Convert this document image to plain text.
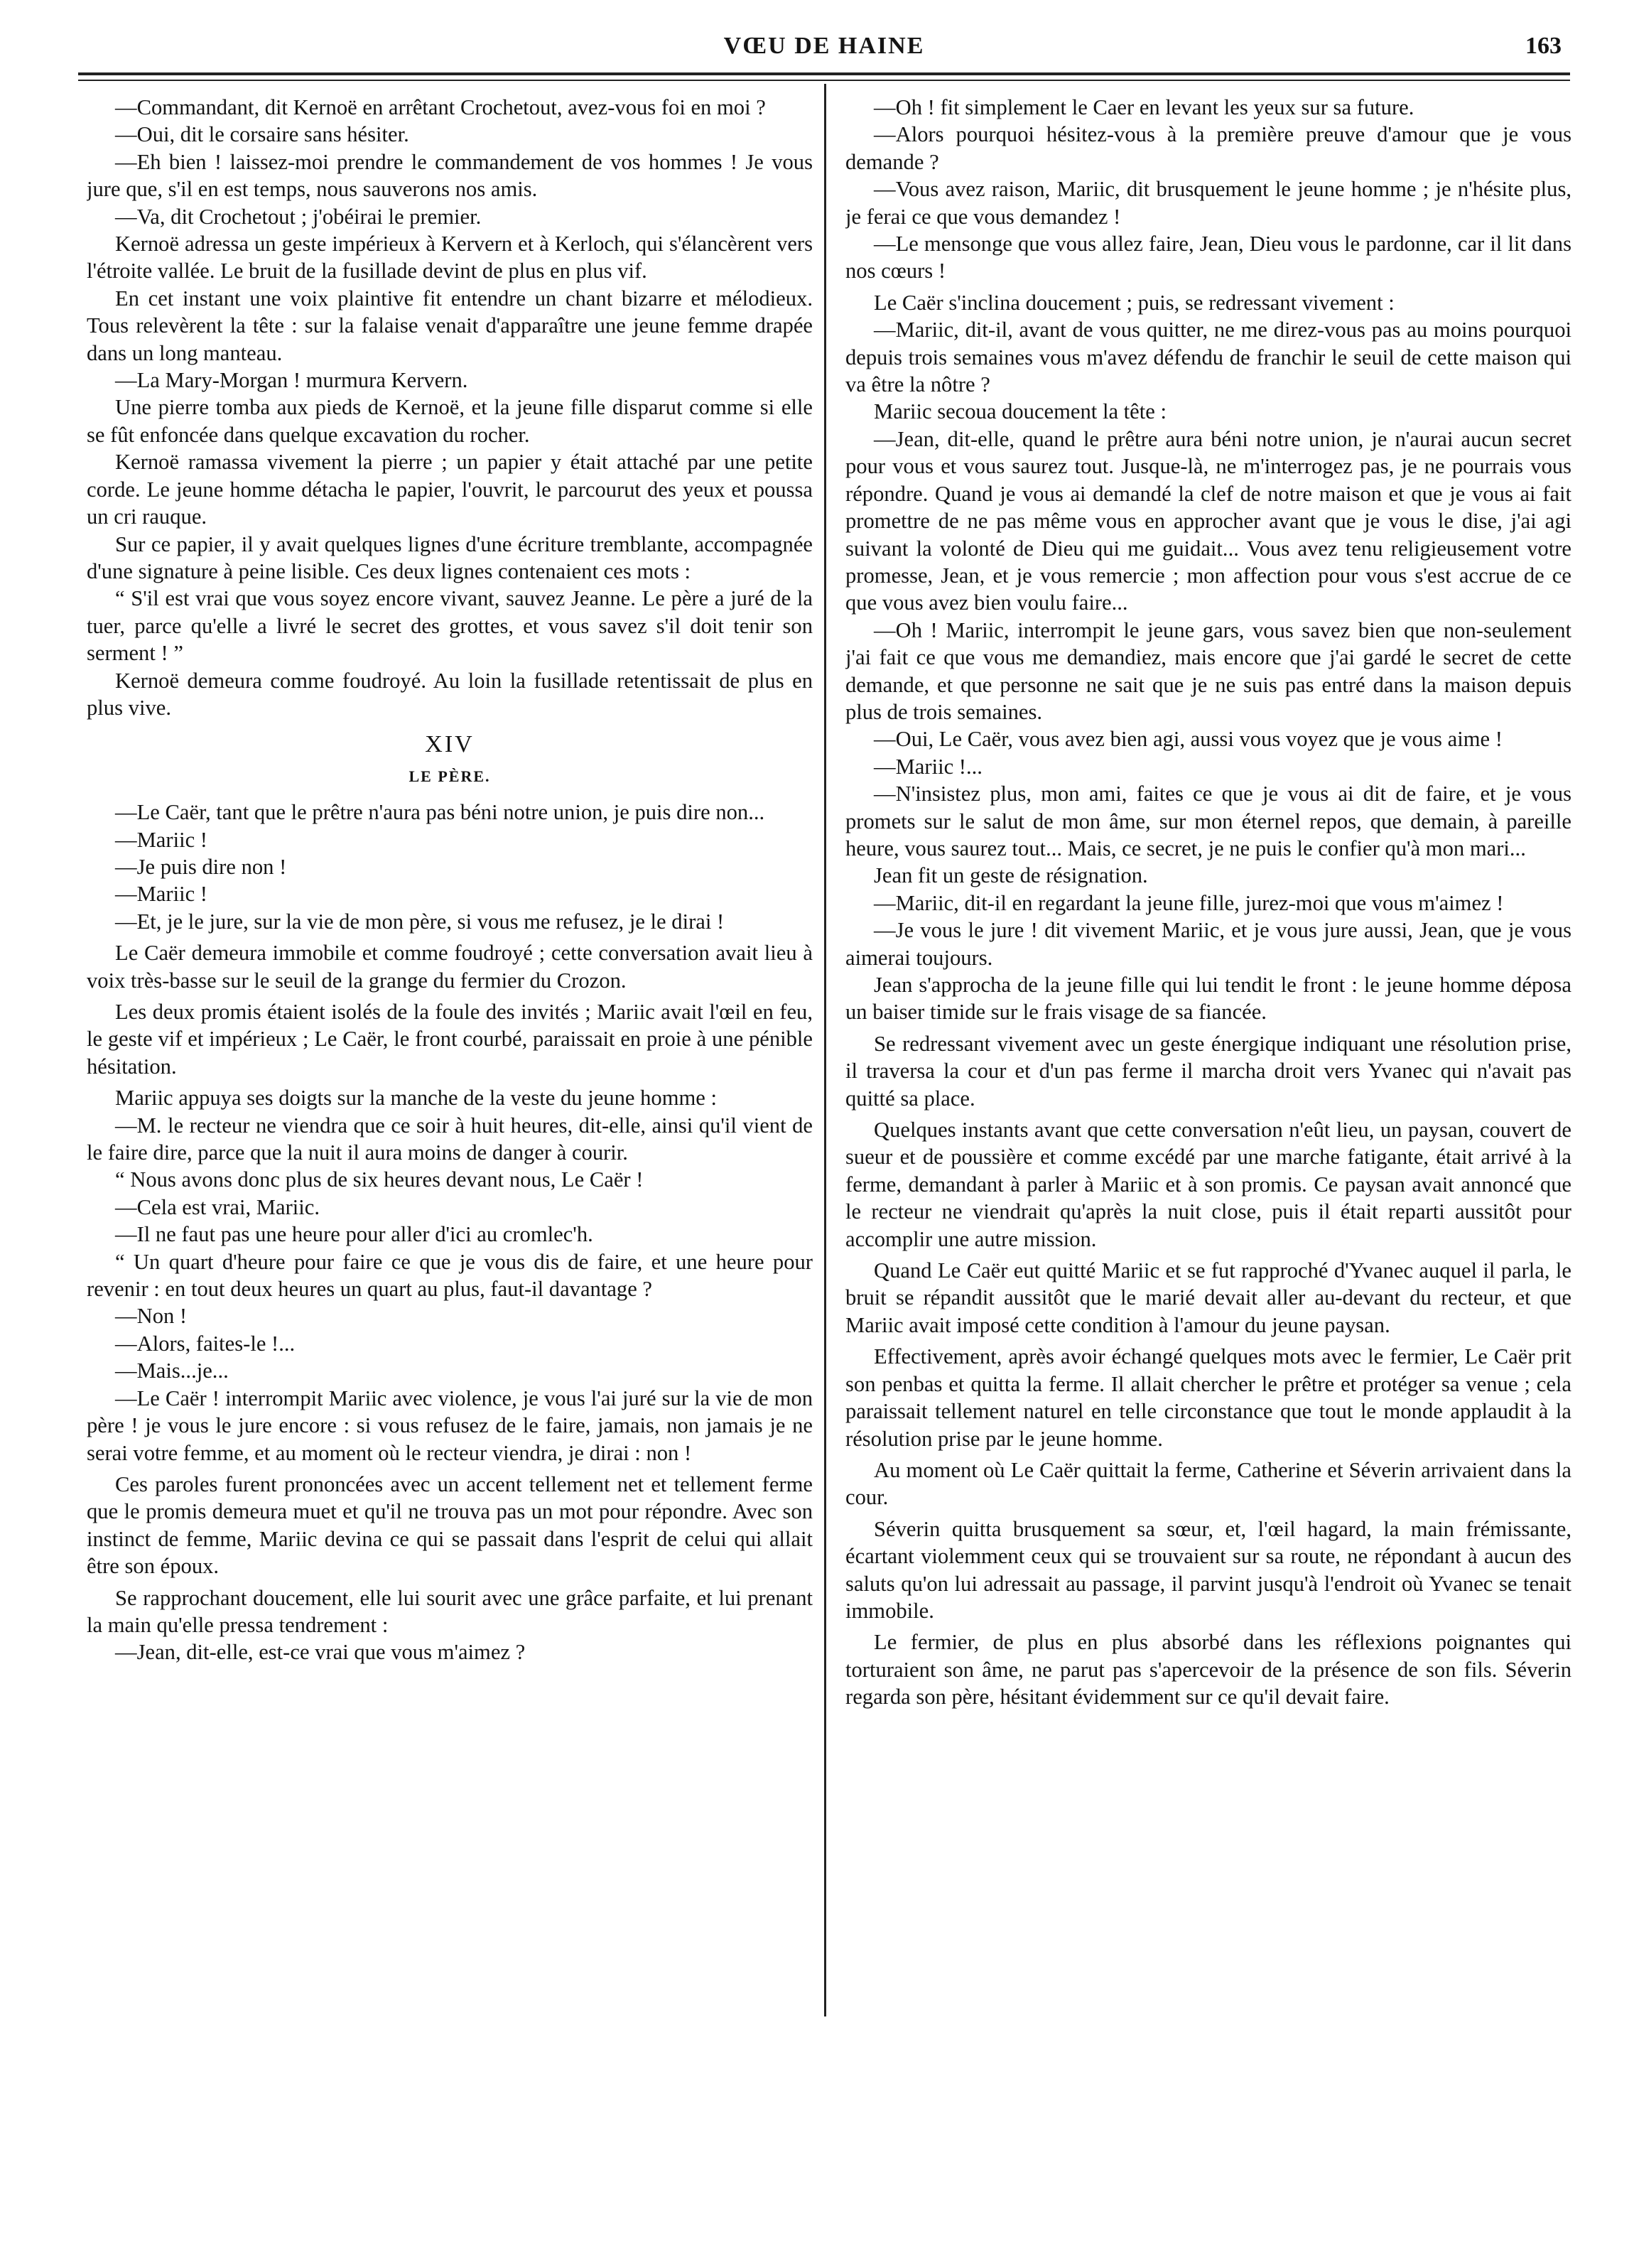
VŒU DE HAINE	163

—Commandant, dit Kernoë en arrêtant Crochetout, avez-vous foi en moi ?

—Oui, dit le corsaire sans hésiter.

—Eh bien ! laissez-moi prendre le commandement de vos hommes ! Je vous jure que, s'il en est temps, nous sauverons nos amis.

—Va, dit Crochetout ; j'obéirai le premier.

Kernoë adressa un geste impérieux à Kervern et à Kerloch, qui s'élancèrent vers l'étroite vallée. Le bruit de la fusillade devint de plus en plus vif.

En cet instant une voix plaintive fit entendre un chant bizarre et mélodieux. Tous relevèrent la tête : sur la falaise venait d'apparaître une jeune femme drapée dans un long manteau.

—La Mary-Morgan ! murmura Kervern.

Une pierre tomba aux pieds de Kernoë, et la jeune fille disparut comme si elle se fût enfoncée dans quelque excavation du rocher.

Kernoë ramassa vivement la pierre ; un papier y était attaché par une petite corde. Le jeune homme détacha le papier, l'ouvrit, le parcourut des yeux et poussa un cri rauque.

Sur ce papier, il y avait quelques lignes d'une écriture tremblante, accompagnée d'une signature à peine lisible. Ces deux lignes contenaient ces mots :

“ S'il est vrai que vous soyez encore vivant, sauvez Jeanne. Le père a juré de la tuer, parce qu'elle a livré le secret des grottes, et vous savez s'il doit tenir son serment ! ”

Kernoë demeura comme foudroyé. Au loin la fusillade retentissait de plus en plus vive.

XIV
LE PÈRE.

—Le Caër, tant que le prêtre n'aura pas béni notre union, je puis dire non...

—Mariic !

—Je puis dire non !

—Mariic !

—Et, je le jure, sur la vie de mon père, si vous me refusez, je le dirai !

Le Caër demeura immobile et comme foudroyé ; cette conversation avait lieu à voix très-basse sur le seuil de la grange du fermier du Crozon.

Les deux promis étaient isolés de la foule des invités ; Mariic avait l'œil en feu, le geste vif et impérieux ; Le Caër, le front courbé, paraissait en proie à une pénible hésitation.

Mariic appuya ses doigts sur la manche de la veste du jeune homme :

—M. le recteur ne viendra que ce soir à huit heures, dit-elle, ainsi qu'il vient de le faire dire, parce que la nuit il aura moins de danger à courir.

“ Nous avons donc plus de six heures devant nous, Le Caër !

—Cela est vrai, Mariic.

—Il ne faut pas une heure pour aller d'ici au cromlec'h.

“ Un quart d'heure pour faire ce que je vous dis de faire, et une heure pour revenir : en tout deux heures un quart au plus, faut-il davantage ?

—Non !

—Alors, faites-le !...

—Mais...je...

—Le Caër ! interrompit Mariic avec violence, je vous l'ai juré sur la vie de mon père ! je vous le jure encore : si vous refusez de le faire, jamais, non jamais je ne serai votre femme, et au moment où le recteur viendra, je dirai : non !

Ces paroles furent prononcées avec un accent tellement net et tellement ferme que le promis demeura muet et qu'il ne trouva pas un mot pour répondre. Avec son instinct de femme, Mariic devina ce qui se passait dans l'esprit de celui qui allait être son époux.

Se rapprochant doucement, elle lui sourit avec une grâce parfaite, et lui prenant la main qu'elle pressa tendrement :

—Jean, dit-elle, est-ce vrai que vous m'aimez ?

—Oh ! fit simplement le Caer en levant les yeux sur sa future.

—Alors pourquoi hésitez-vous à la première preuve d'amour que je vous demande ?

—Vous avez raison, Mariic, dit brusquement le jeune homme ; je n'hésite plus, je ferai ce que vous demandez !

—Le mensonge que vous allez faire, Jean, Dieu vous le pardonne, car il lit dans nos cœurs !

Le Caër s'inclina doucement ; puis, se redressant vivement :

—Mariic, dit-il, avant de vous quitter, ne me direz-vous pas au moins pourquoi depuis trois semaines vous m'avez défendu de franchir le seuil de cette maison qui va être la nôtre ?

Mariic secoua doucement la tête :

—Jean, dit-elle, quand le prêtre aura béni notre union, je n'aurai aucun secret pour vous et vous saurez tout. Jusque-là, ne m'interrogez pas, je ne pourrais vous répondre. Quand je vous ai demandé la clef de notre maison et que je vous ai fait promettre de ne pas même vous en approcher avant que je vous le dise, j'ai agi suivant la volonté de Dieu qui me guidait... Vous avez tenu religieusement votre promesse, Jean, et je vous remercie ; mon affection pour vous s'est accrue de ce que vous avez bien voulu faire...

—Oh ! Mariic, interrompit le jeune gars, vous savez bien que non-seulement j'ai fait ce que vous me demandiez, mais encore que j'ai gardé le secret de cette demande, et que personne ne sait que je ne suis pas entré dans la maison depuis plus de trois semaines.

—Oui, Le Caër, vous avez bien agi, aussi vous voyez que je vous aime !

—Mariic !...

—N'insistez plus, mon ami, faites ce que je vous ai dit de faire, et je vous promets sur le salut de mon âme, sur mon éternel repos, que demain, à pareille heure, vous saurez tout... Mais, ce secret, je ne puis le confier qu'à mon mari...

Jean fit un geste de résignation.

—Mariic, dit-il en regardant la jeune fille, jurez-moi que vous m'aimez !

—Je vous le jure ! dit vivement Mariic, et je vous jure aussi, Jean, que je vous aimerai toujours.

Jean s'approcha de la jeune fille qui lui tendit le front : le jeune homme déposa un baiser timide sur le frais visage de sa fiancée.

Se redressant vivement avec un geste énergique indiquant une résolution prise, il traversa la cour et d'un pas ferme il marcha droit vers Yvanec qui n'avait pas quitté sa place.

Quelques instants avant que cette conversation n'eût lieu, un paysan, couvert de sueur et de poussière et comme excédé par une marche fatigante, était arrivé à la ferme, demandant à parler à Mariic et à son promis. Ce paysan avait annoncé que le recteur ne viendrait qu'après la nuit close, puis il était reparti aussitôt pour accomplir une autre mission.

Quand Le Caër eut quitté Mariic et se fut rapproché d'Yvanec auquel il parla, le bruit se répandit aussitôt que le marié devait aller au-devant du recteur, et que Mariic avait imposé cette condition à l'amour du jeune paysan.

Effectivement, après avoir échangé quelques mots avec le fermier, Le Caër prit son penbas et quitta la ferme. Il allait chercher le prêtre et protéger sa venue ; cela paraissait tellement naturel en telle circonstance que tout le monde applaudit à la résolution prise par le jeune homme.

Au moment où Le Caër quittait la ferme, Catherine et Séverin arrivaient dans la cour.

Séverin quitta brusquement sa sœur, et, l'œil hagard, la main frémissante, écartant violemment ceux qui se trouvaient sur sa route, ne répondant à aucun des saluts qu'on lui adressait au passage, il parvint jusqu'à l'endroit où Yvanec se tenait immobile.

Le fermier, de plus en plus absorbé dans les réflexions poignantes qui torturaient son âme, ne parut pas s'apercevoir de la présence de son fils. Séverin regarda son père, hésitant évidemment sur ce qu'il devait faire.
